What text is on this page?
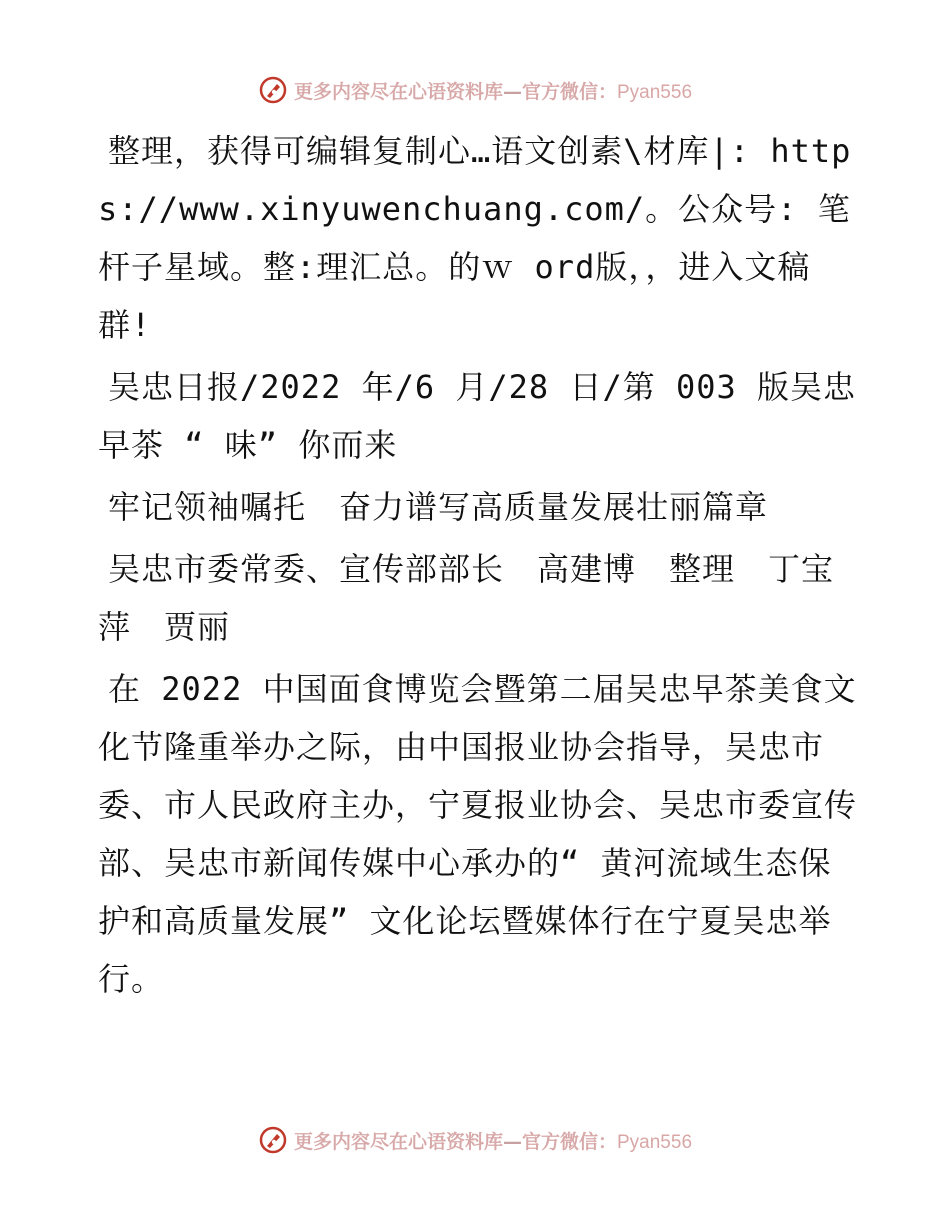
更多内容尽在心语资料库—官方微信：Pyan556

整理，获得可编辑复制心…语文创素\材库|: https://www.xinyuwenchuang.com/。公众号: 笔杆子星域。整:理汇总。的ｗ ord版，，进入文稿群!

吴忠日报/2022 年/6 月/28 日/第 003 版吴忠早茶 “ 味” 你而来

牢记领袖嘱托　奋力谱写高质量发展壮丽篇章

吴忠市委常委、宣传部部长　高建博　整理　丁宝萍　贾丽

在 2022 中国面食博览会暨第二届吴忠早茶美食文化节隆重举办之际，由中国报业协会指导，吴忠市委、市人民政府主办，宁夏报业协会、吴忠市委宣传部、吴忠市新闻传媒中心承办的“ 黄河流域生态保护和高质量发展” 文化论坛暨媒体行在宁夏吴忠举行。

更多内容尽在心语资料库—官方微信：Pyan556
